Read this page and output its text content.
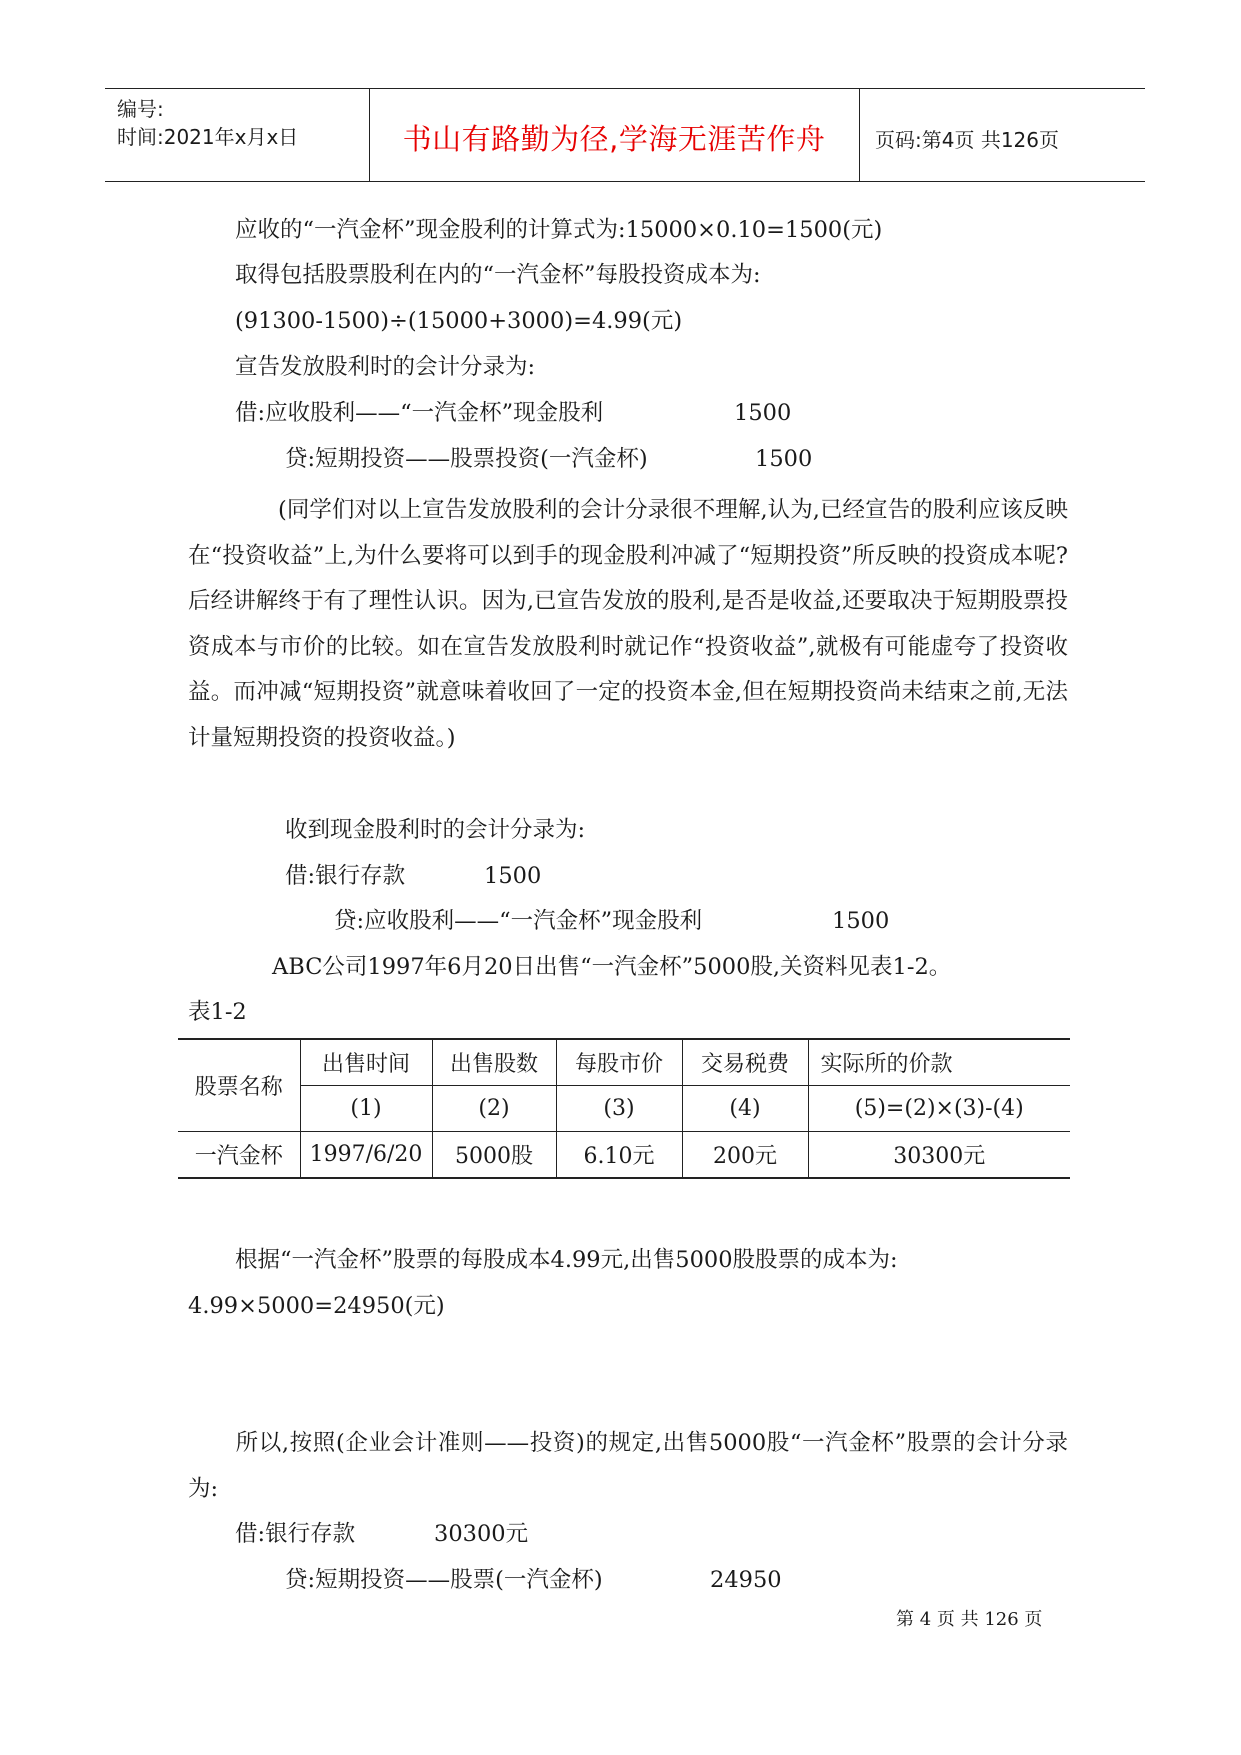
编号:
时间:2021年x月x日	书山有路勤为径,学海无涯苦作舟	页码:第4页 共126页
应收的“一汽金杯”现金股利的计算式为:15000×0.10=1500(元)
取得包括股票股利在内的“一汽金杯”每股投资成本为:
(91300-1500)÷(15000+3000)=4.99(元)
宣告发放股利时的会计分录为:
借:应收股利——“一汽金杯”现金股利	1500
贷:短期投资——股票投资(一汽金杯)	1500
(同学们对以上宣告发放股利的会计分录很不理解,认为,已经宣告的股利应该反映在“投资收益”上,为什么要将可以到手的现金股利冲减了“短期投资”所反映的投资成本呢?后经讲解终于有了理性认识。因为,已宣告发放的股利,是否是收益,还要取决于短期股票投资成本与市价的比较。如在宣告发放股利时就记作“投资收益”,就极有可能虚夸了投资收益。而冲减“短期投资”就意味着收回了一定的投资本金,但在短期投资尚未结束之前,无法计量短期投资的投资收益。)
收到现金股利时的会计分录为:
借:银行存款	1500
贷:应收股利——“一汽金杯”现金股利	1500
ABC公司1997年6月20日出售“一汽金杯”5000股,关资料见表1-2。
表1-2
股票名称	出售时间	出售股数	每股市价	交易税费	实际所的价款
	(1)	(2)	(3)	(4)	(5)=(2)×(3)-(4)
一汽金杯	1997/6/20	5000股	6.10元	200元	30300元
根据“一汽金杯”股票的每股成本4.99元,出售5000股股票的成本为:
4.99×5000=24950(元)
所以,按照(企业会计准则——投资)的规定,出售5000股“一汽金杯”股票的会计分录为:
借:银行存款	30300元
贷:短期投资——股票(一汽金杯)	24950
第 4 页 共 126 页
